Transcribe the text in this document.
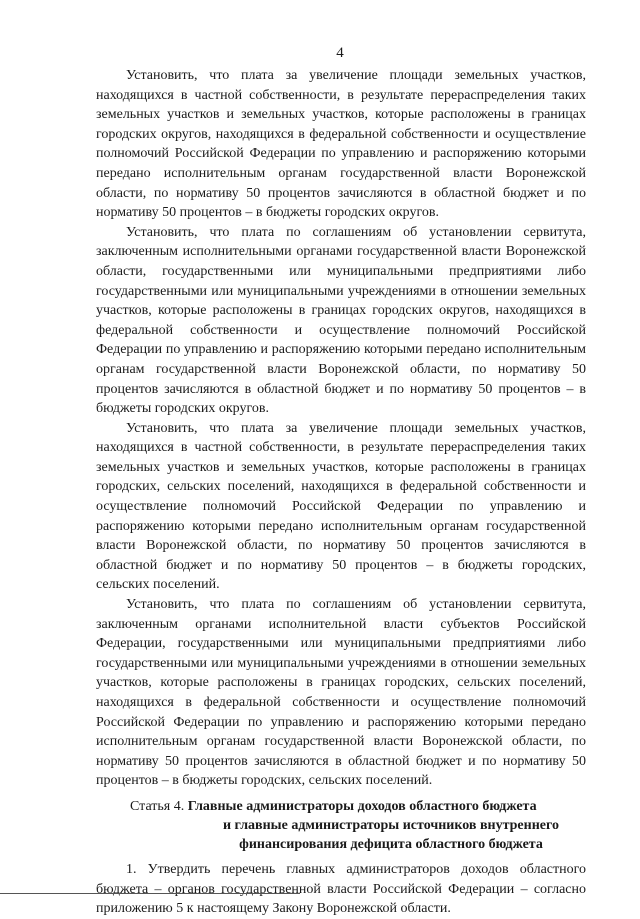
4

Установить, что плата за увеличение площади земельных участков, находящихся в частной собственности, в результате перераспределения таких земельных участков и земельных участков, которые расположены в границах городских округов, находящихся в федеральной собственности и осуществление полномочий Российской Федерации по управлению и распоряжению которыми передано исполнительным органам государственной власти Воронежской области, по нормативу 50 процентов зачисляются в областной бюджет и по нормативу 50 процентов – в бюджеты городских округов.

Установить, что плата по соглашениям об установлении сервитута, заключенным исполнительными органами государственной власти Воронежской области, государственными или муниципальными предприятиями либо государственными или муниципальными учреждениями в отношении земельных участков, которые расположены в границах городских округов, находящихся в федеральной собственности и осуществление полномочий Российской Федерации по управлению и распоряжению которыми передано исполнительным органам государственной власти Воронежской области, по нормативу 50 процентов зачисляются в областной бюджет и по нормативу 50 процентов – в бюджеты городских округов.

Установить, что плата за увеличение площади земельных участков, находящихся в частной собственности, в результате перераспределения таких земельных участков и земельных участков, которые расположены в границах городских, сельских поселений, находящихся в федеральной собственности и осуществление полномочий Российской Федерации по управлению и распоряжению которыми передано исполнительным органам государственной власти Воронежской области, по нормативу 50 процентов зачисляются в областной бюджет и по нормативу 50 процентов – в бюджеты городских, сельских поселений.

Установить, что плата по соглашениям об установлении сервитута, заключенным органами исполнительной власти субъектов Российской Федерации, государственными или муниципальными предприятиями либо государственными или муниципальными учреждениями в отношении земельных участков, которые расположены в границах городских, сельских поселений, находящихся в федеральной собственности и осуществление полномочий Российской Федерации по управлению и распоряжению которыми передано исполнительным органам государственной власти Воронежской области, по нормативу 50 процентов зачисляются в областной бюджет и по нормативу 50 процентов – в бюджеты городских, сельских поселений.

Статья 4. Главные администраторы доходов областного бюджета
и главные администраторы источников внутреннего
финансирования дефицита областного бюджета

1. Утвердить перечень главных администраторов доходов областного бюджета – органов государственной власти Российской Федерации – согласно приложению 5 к настоящему Закону Воронежской области.
